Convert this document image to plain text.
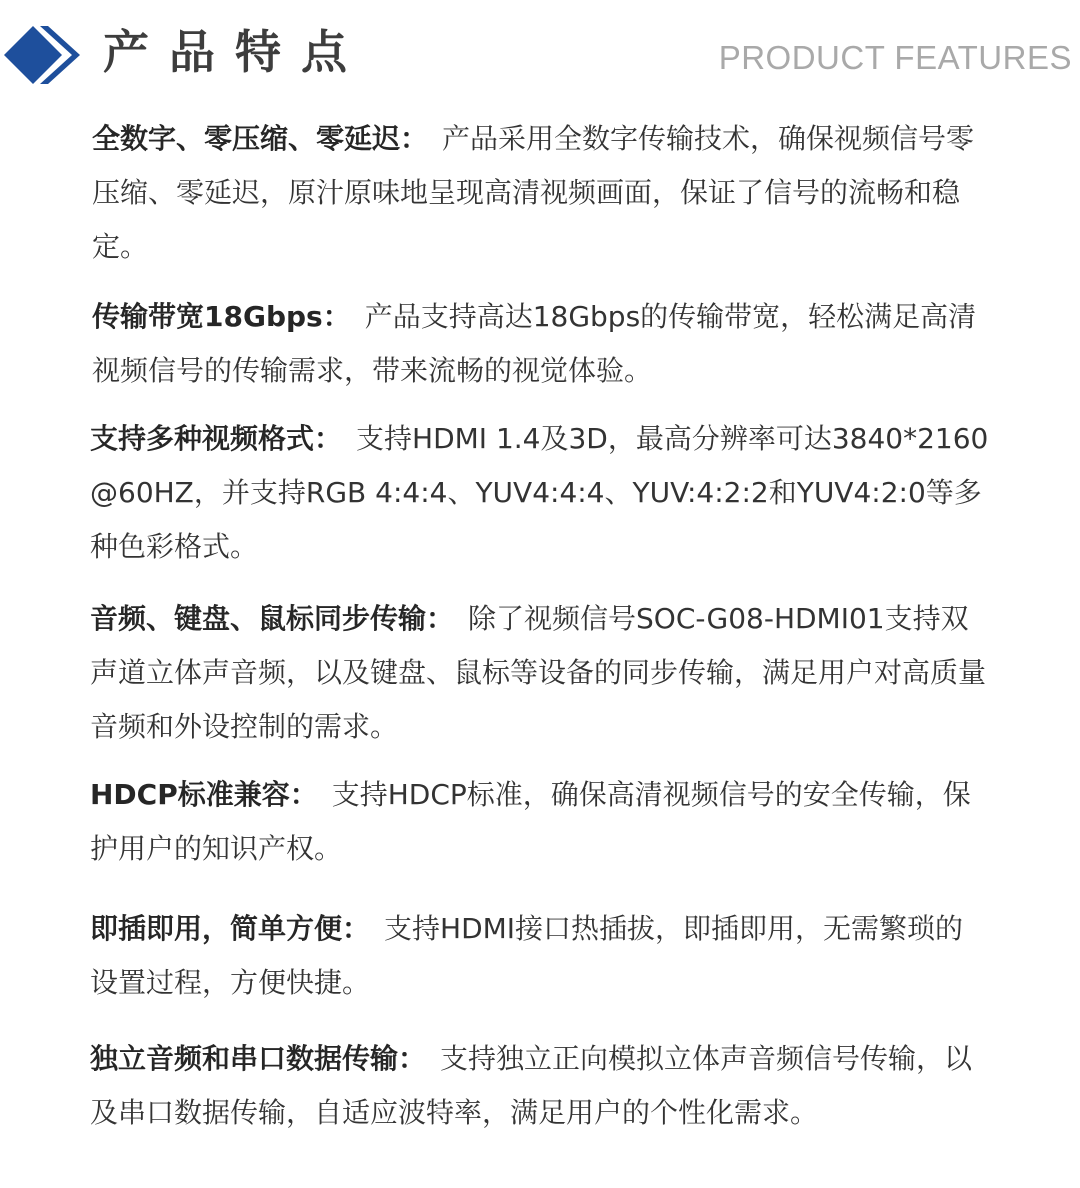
产品特点	PRODUCT FEATURES
全数字、零压缩、零延迟： 产品采用全数字传输技术，确保视频信号零压缩、零延迟，原汁原味地呈现高清视频画面，保证了信号的流畅和稳定。
传输带宽18Gbps： 产品支持高达18Gbps的传输带宽，轻松满足高清视频信号的传输需求，带来流畅的视觉体验。
支持多种视频格式： 支持HDMI 1.4及3D，最高分辨率可达3840*2160@60HZ，并支持RGB 4:4:4、YUV4:4:4、YUV:4:2:2和YUV4:2:0等多种色彩格式。
音频、键盘、鼠标同步传输： 除了视频信号SOC-G08-HDMI01支持双声道立体声音频，以及键盘、鼠标等设备的同步传输，满足用户对高质量音频和外设控制的需求。
HDCP标准兼容： 支持HDCP标准，确保高清视频信号的安全传输，保护用户的知识产权。
即插即用，简单方便： 支持HDMI接口热插拔，即插即用，无需繁琐的设置过程，方便快捷。
独立音频和串口数据传输： 支持独立正向模拟立体声音频信号传输，以及串口数据传输，自适应波特率，满足用户的个性化需求。
